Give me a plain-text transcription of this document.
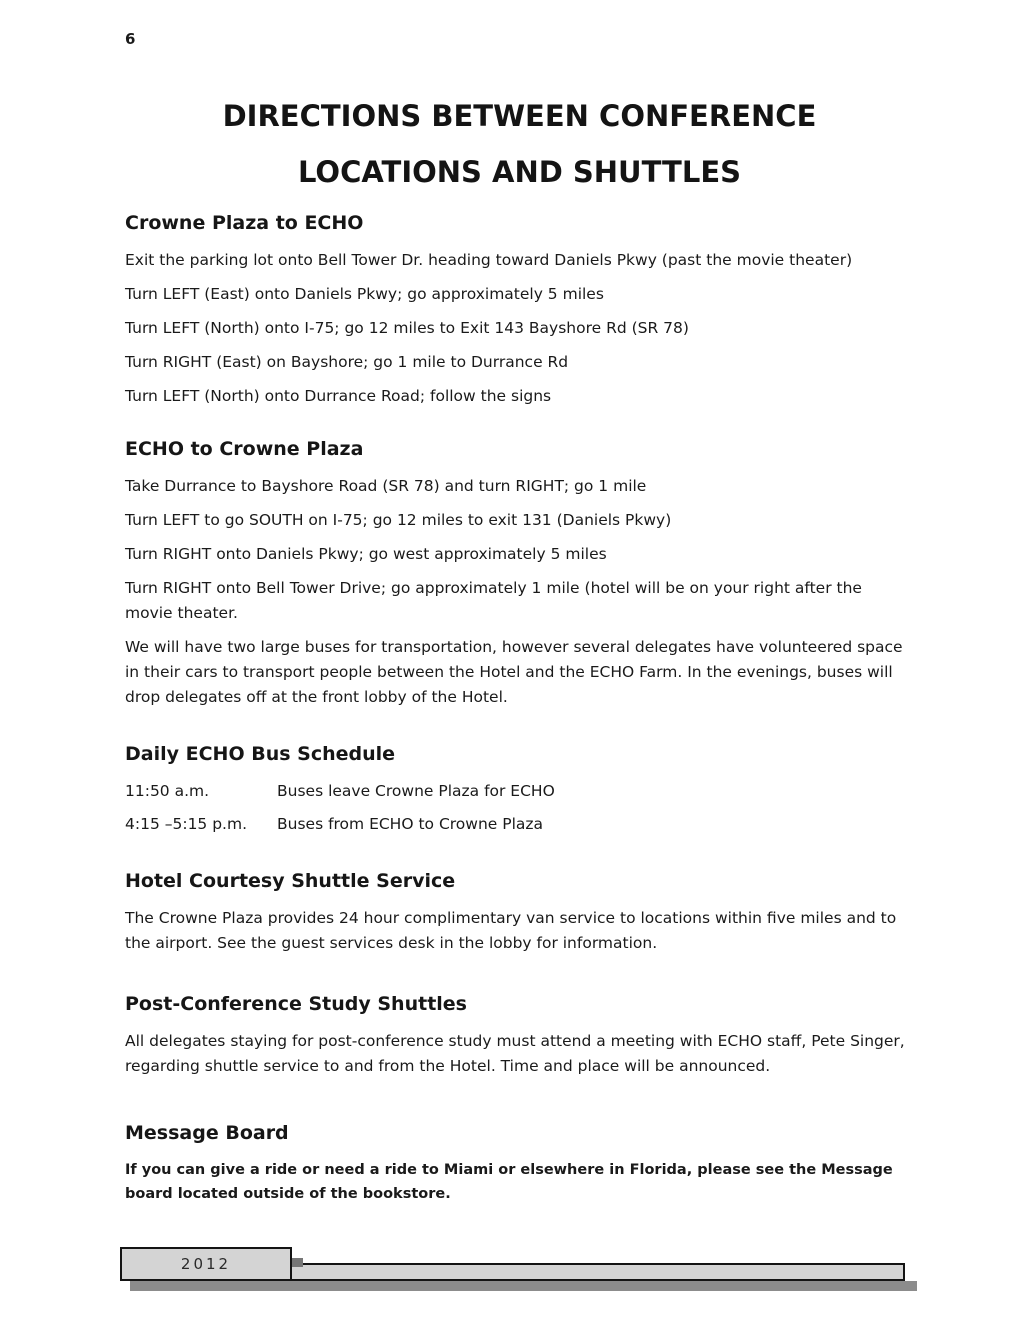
6
DIRECTIONS BETWEEN CONFERENCE
LOCATIONS AND SHUTTLES
Crowne Plaza to ECHO

Exit the parking lot onto Bell Tower Dr. heading toward Daniels Pkwy (past the movie theater)

Turn LEFT (East) onto Daniels Pkwy; go approximately 5 miles

Turn LEFT (North) onto I-75; go 12 miles to Exit 143 Bayshore Rd (SR 78)

Turn RIGHT (East) on Bayshore; go 1 mile to Durrance Rd

Turn LEFT (North) onto Durrance Road; follow the signs

ECHO to Crowne Plaza

Take Durrance to Bayshore Road (SR 78) and turn RIGHT; go 1 mile

Turn LEFT to go SOUTH on I-75; go 12 miles to exit 131 (Daniels Pkwy)

Turn RIGHT onto Daniels Pkwy; go west approximately 5 miles

Turn RIGHT onto Bell Tower Drive; go approximately 1 mile (hotel will be on your right after the movie theater.

We will have two large buses for transportation, however several delegates have volunteered space in their cars to transport people between the Hotel and the ECHO Farm. In the evenings, buses will drop delegates off at the front lobby of the Hotel.

Daily ECHO Bus Schedule
11:50 a.m.	Buses leave Crowne Plaza for ECHO
4:15 –5:15 p.m.	Buses from ECHO to Crowne Plaza
Hotel Courtesy Shuttle Service

The Crowne Plaza provides 24 hour complimentary van service to locations within five miles and to the airport. See the guest services desk in the lobby for information.

Post-Conference Study Shuttles

All delegates staying for post-conference study must attend a meeting with ECHO staff, Pete Singer, regarding shuttle service to and from the Hotel. Time and place will be announced.

Message Board

If you can give a ride or need a ride to Miami or elsewhere in Florida, please see the Message board located outside of the bookstore.

2012
